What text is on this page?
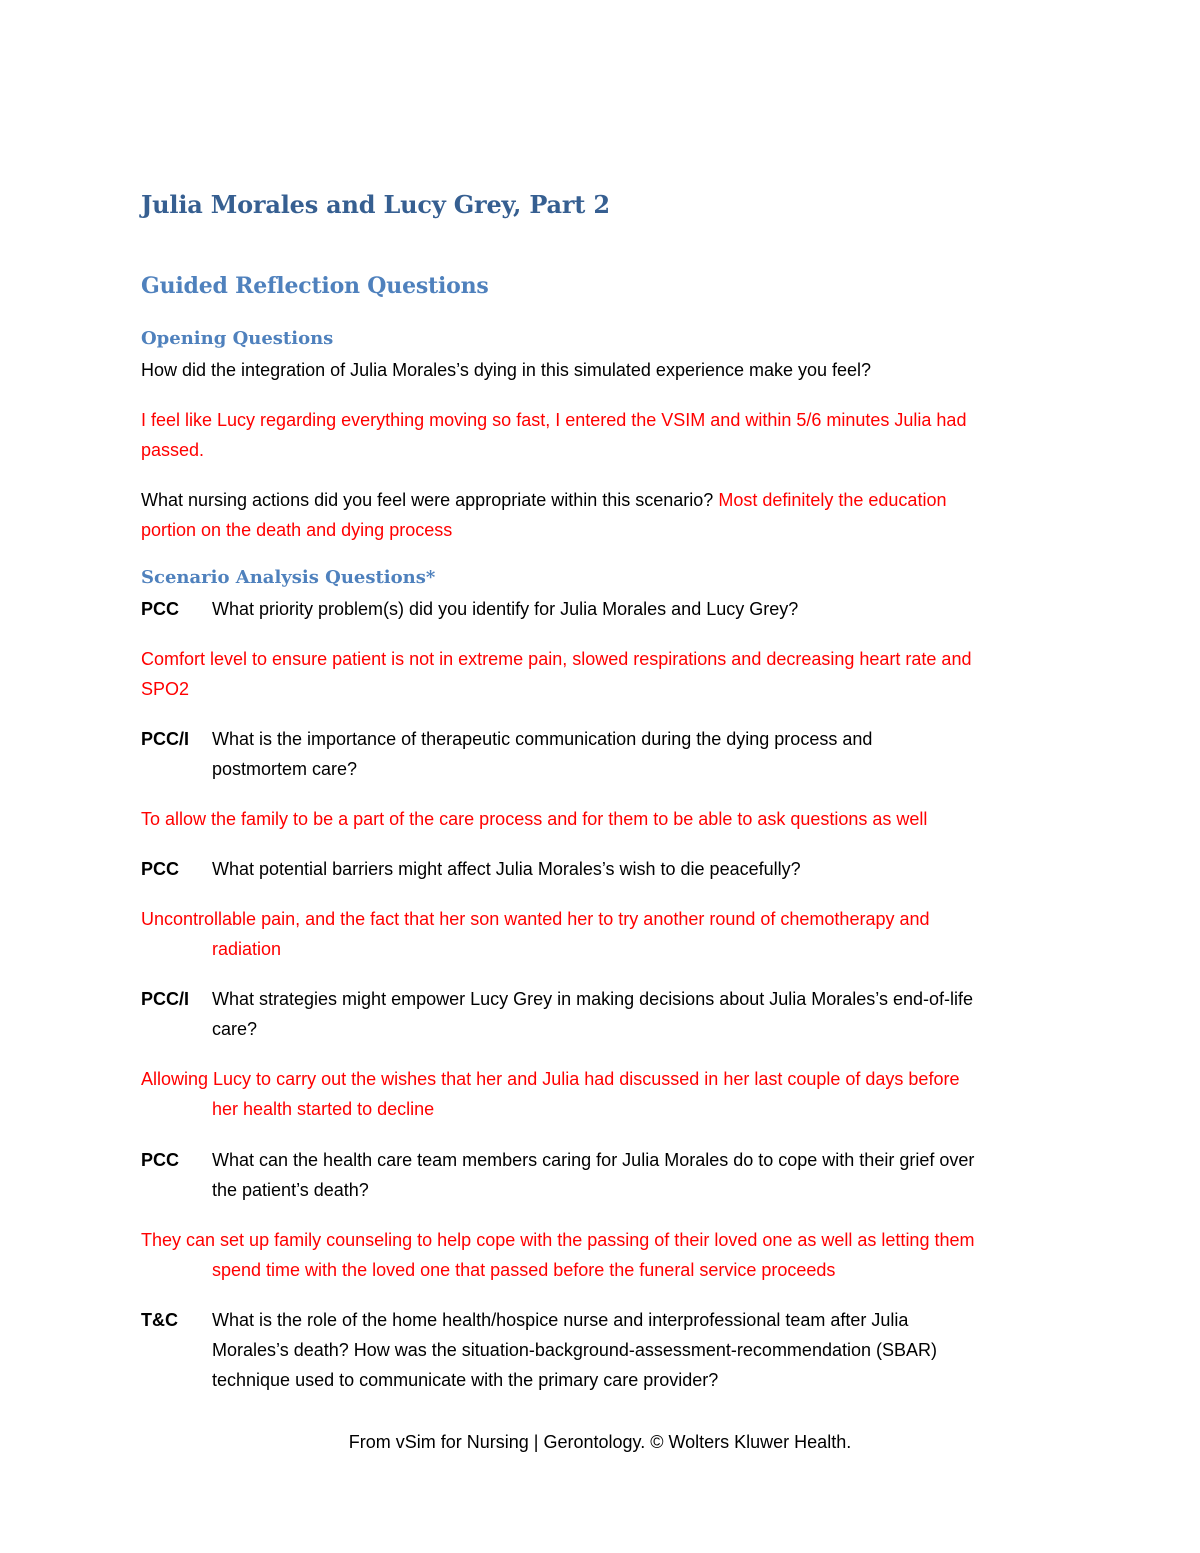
Julia Morales and Lucy Grey, Part 2
Guided Reflection Questions
Opening Questions
How did the integration of Julia Morales’s dying in this simulated experience make you feel?
I feel like Lucy regarding everything moving so fast, I entered the VSIM and within 5/6 minutes Julia had
passed.
What nursing actions did you feel were appropriate within this scenario? Most definitely the education
portion on the death and dying process
Scenario Analysis Questions*
PCC What priority problem(s) did you identify for Julia Morales and Lucy Grey?
Comfort level to ensure patient is not in extreme pain, slowed respirations and decreasing heart rate and
SPO2
PCC/I What is the importance of therapeutic communication during the dying process and
postmortem care?
To allow the family to be a part of the care process and for them to be able to ask questions as well
PCC What potential barriers might affect Julia Morales’s wish to die peacefully?
Uncontrollable pain, and the fact that her son wanted her to try another round of chemotherapy and
radiation
PCC/I What strategies might empower Lucy Grey in making decisions about Julia Morales’s end-of-life
care?
Allowing Lucy to carry out the wishes that her and Julia had discussed in her last couple of days before
her health started to decline
PCC What can the health care team members caring for Julia Morales do to cope with their grief over
the patient’s death?
They can set up family counseling to help cope with the passing of their loved one as well as letting them
spend time with the loved one that passed before the funeral service proceeds
T&C What is the role of the home health/hospice nurse and interprofessional team after Julia
Morales’s death? How was the situation-background-assessment-recommendation (SBAR)
technique used to communicate with the primary care provider?
From vSim for Nursing | Gerontology. © Wolters Kluwer Health.
